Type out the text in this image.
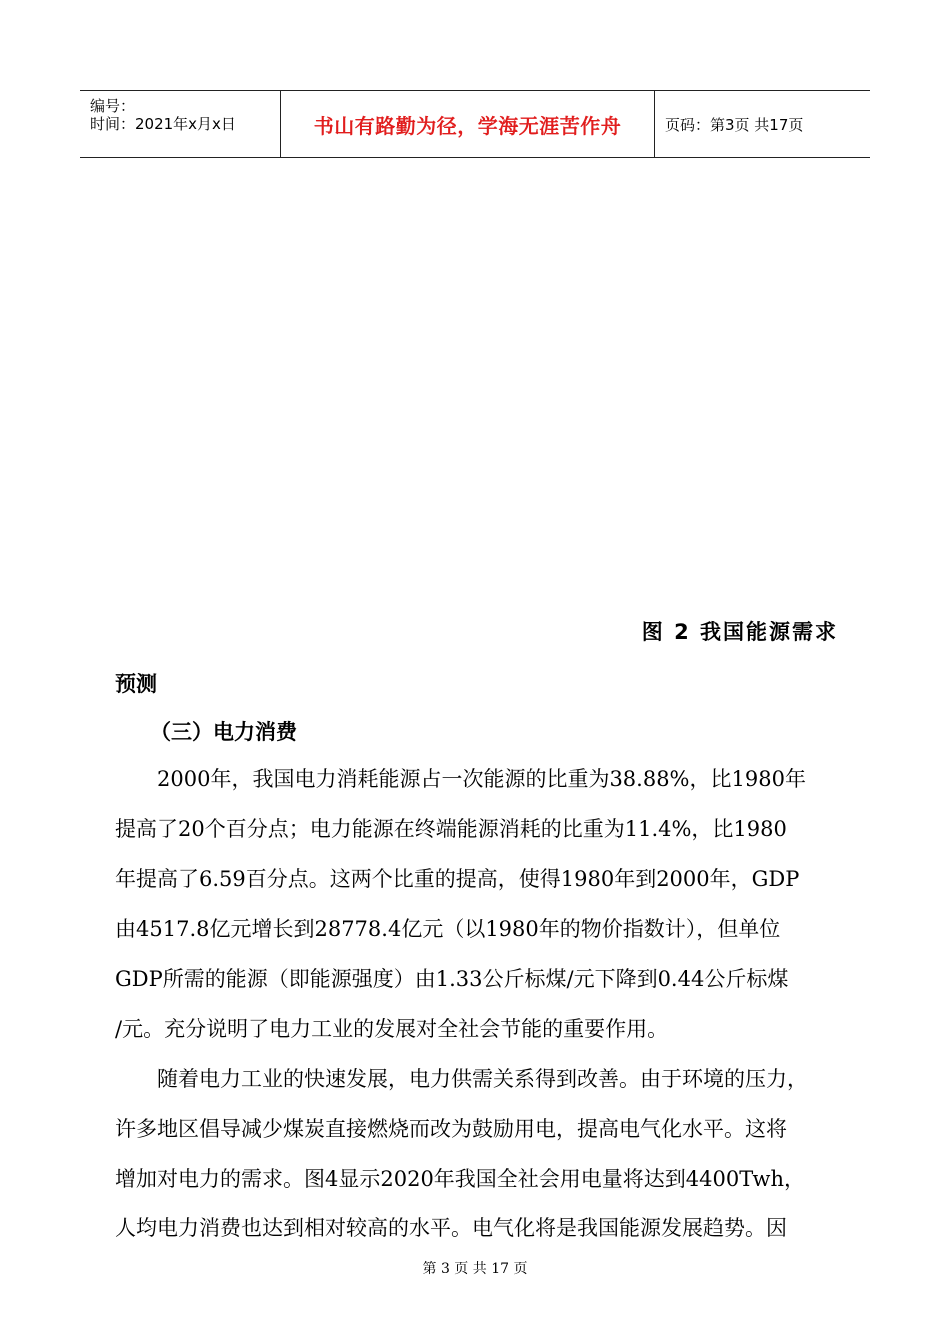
编号：
时间：2021年x月x日	书山有路勤为径，学海无涯苦作舟	页码：第3页 共17页
图 2 我国能源需求
预测
（三）电力消费
2000年，我国电力消耗能源占一次能源的比重为38.88%，比1980年
提高了20个百分点；电力能源在终端能源消耗的比重为11.4%，比1980
年提高了6.59百分点。这两个比重的提高，使得1980年到2000年，GDP
由4517.8亿元增长到28778.4亿元（以1980年的物价指数计），但单位
GDP所需的能源（即能源强度）由1.33公斤标煤/元下降到0.44公斤标煤
/元。充分说明了电力工业的发展对全社会节能的重要作用。
随着电力工业的快速发展，电力供需关系得到改善。由于环境的压力，
许多地区倡导减少煤炭直接燃烧而改为鼓励用电，提高电气化水平。这将
增加对电力的需求。图4显示2020年我国全社会用电量将达到4400Twh，
人均电力消费也达到相对较高的水平。电气化将是我国能源发展趋势。因
第 3 页 共 17 页
